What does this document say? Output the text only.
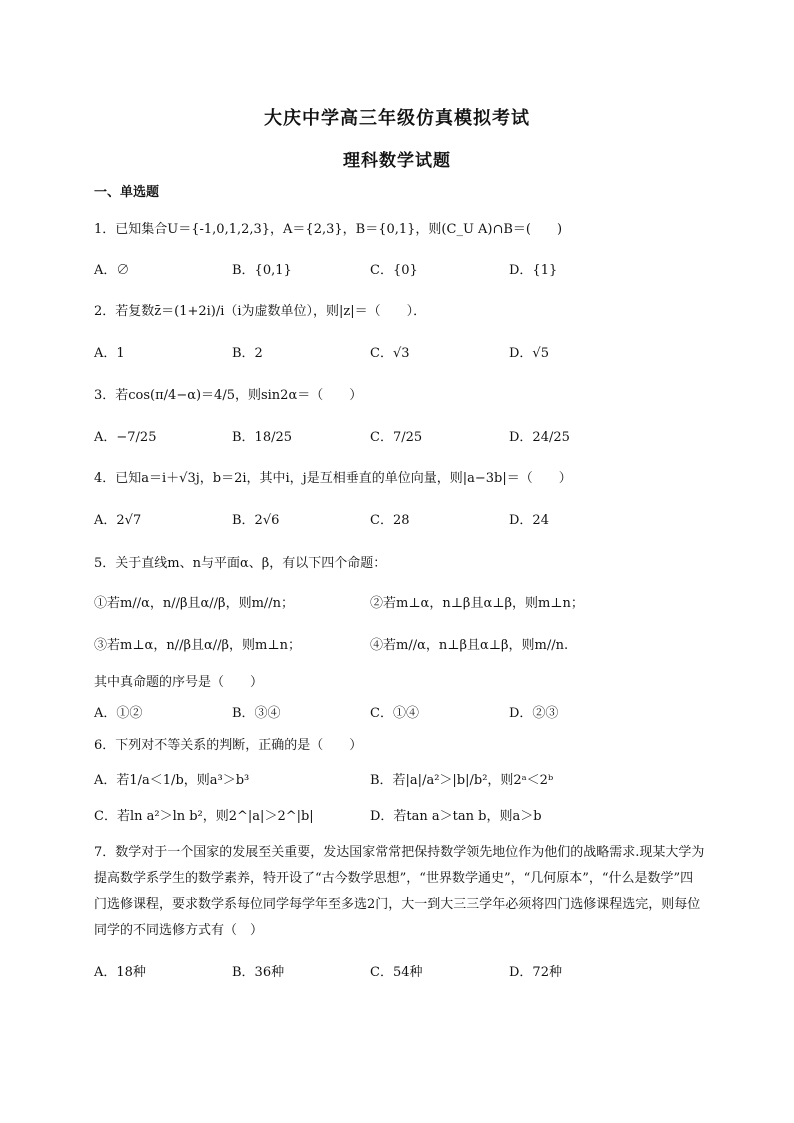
大庆中学高三年级仿真模拟考试
理科数学试题
一、单选题
1．已知集合U＝{-1,0,1,2,3}，A＝{2,3}，B＝{0,1}，则(C_U A)∩B＝(　　)
A．∅	B．{0,1}	C．{0}	D．{1}
2．若复数z̄＝(1+2i)/i（i为虚数单位），则|z|＝（　　）．
A．1	B．2	C．√3	D．√5
3．若cos(π/4−α)＝4/5，则sin2α＝（　　）
A．−7/25	B．18/25	C．7/25	D．24/25
4．已知a＝i＋√3j，b＝2i，其中i，j是互相垂直的单位向量，则|a−3b|＝（　　）
A．2√7	B．2√6	C．28	D．24
5．关于直线m、n与平面α、β，有以下四个命题：
①若m//α，n//β且α//β，则m//n；	②若m⊥α，n⊥β且α⊥β，则m⊥n；
③若m⊥α，n//β且α//β，则m⊥n；	④若m//α，n⊥β且α⊥β，则m//n.
其中真命题的序号是（　　）
A．①②	B．③④	C．①④	D．②③
6．下列对不等关系的判断，正确的是（　　）
A．若1/a＜1/b，则a³＞b³	B．若|a|/a²＞|b|/b²，则2ᵃ＜2ᵇ
C．若ln a²＞ln b²，则2^|a|＞2^|b|	D．若tan a＞tan b，则a＞b
7．数学对于一个国家的发展至关重要，发达国家常常把保持数学领先地位作为他们的战略需求.现某大学为提高数学系学生的数学素养，特开设了“古今数学思想”，“世界数学通史”，“几何原本”，“什么是数学”四门选修课程，要求数学系每位同学每学年至多选2门，大一到大三三学年必须将四门选修课程选完，则每位同学的不同选修方式有（　）
A．18种	B．36种	C．54种	D．72种
